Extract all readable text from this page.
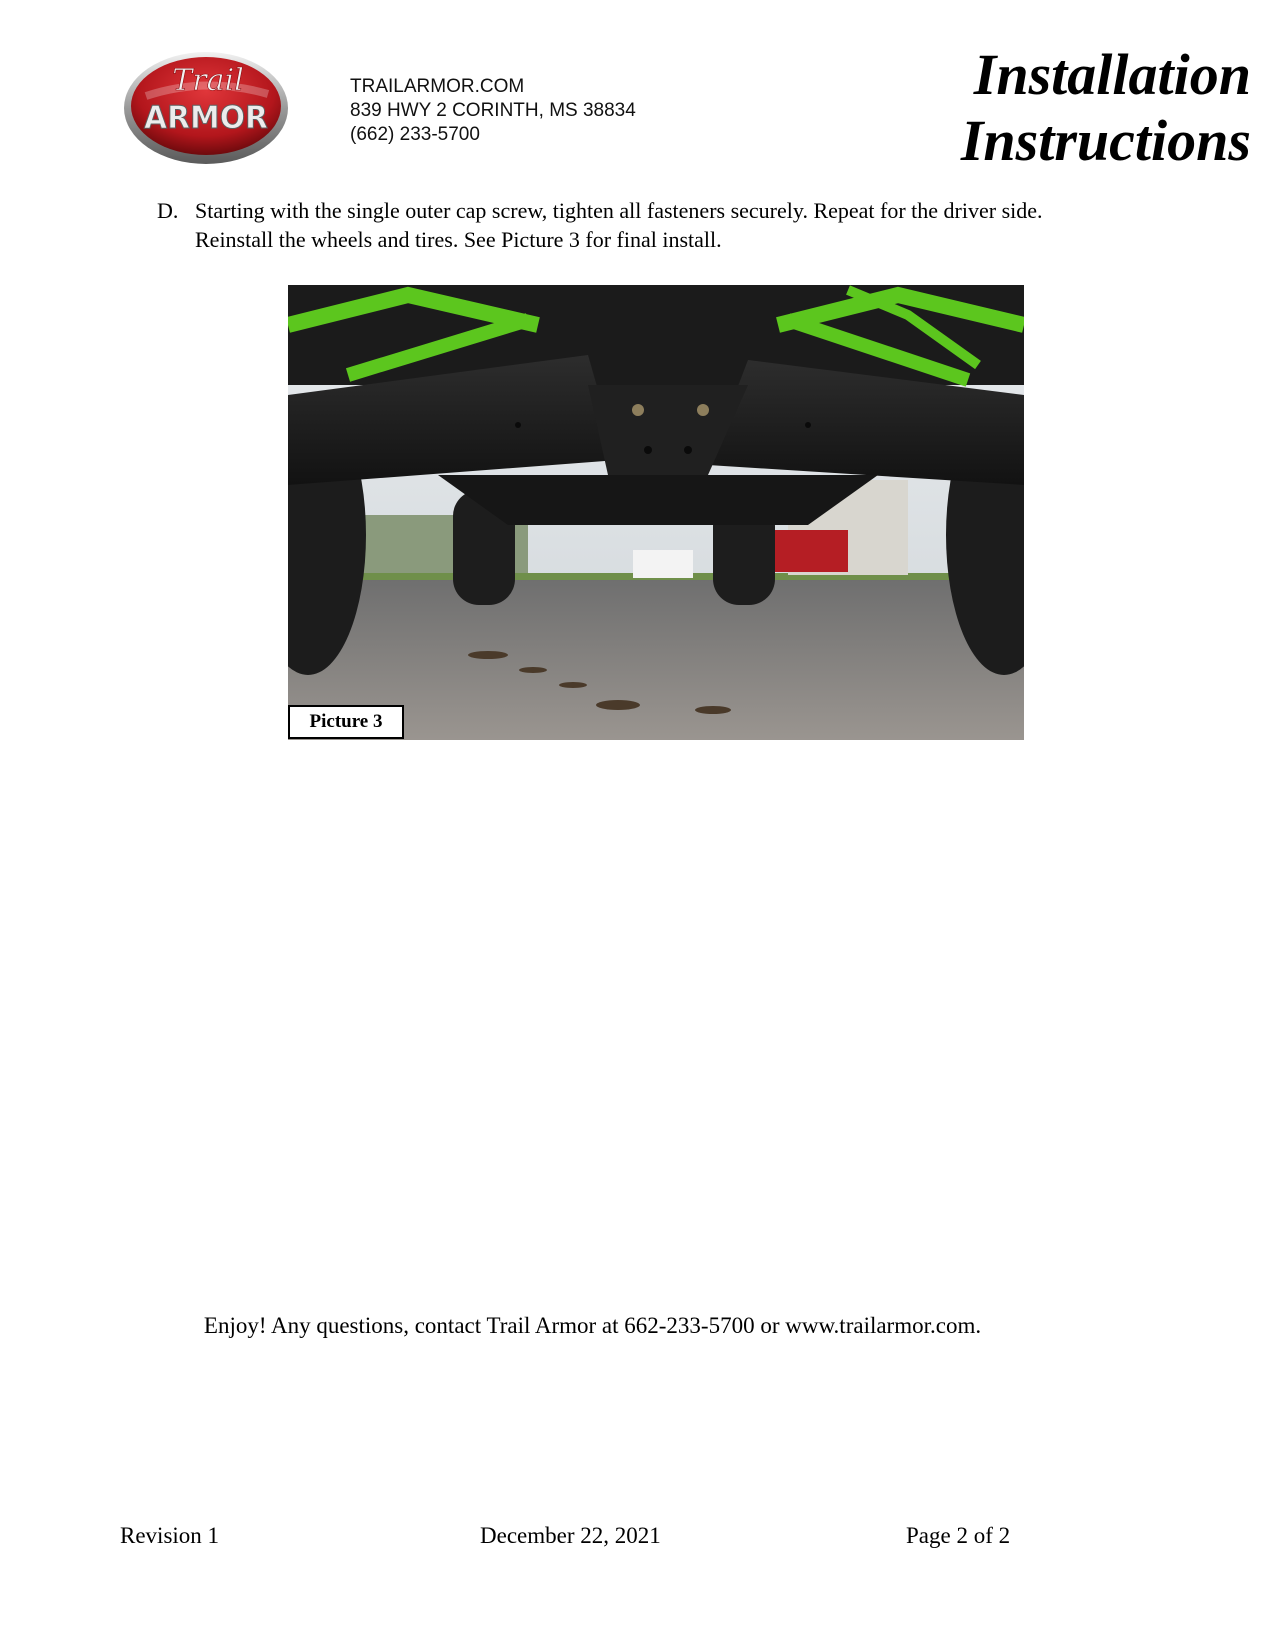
Trail
ARMOR
TRAILARMOR.COM
839 HWY 2 CORINTH, MS 38834
(662) 233-5700
Installation
Instructions
D. Starting with the single outer cap screw, tighten all fasteners securely. Repeat for the driver side. Reinstall the wheels and tires. See Picture 3 for final install.
Picture 3
Enjoy! Any questions, contact Trail Armor at 662-233-5700 or www.trailarmor.com.
Revision 1	December 22, 2021	Page 2 of 2
